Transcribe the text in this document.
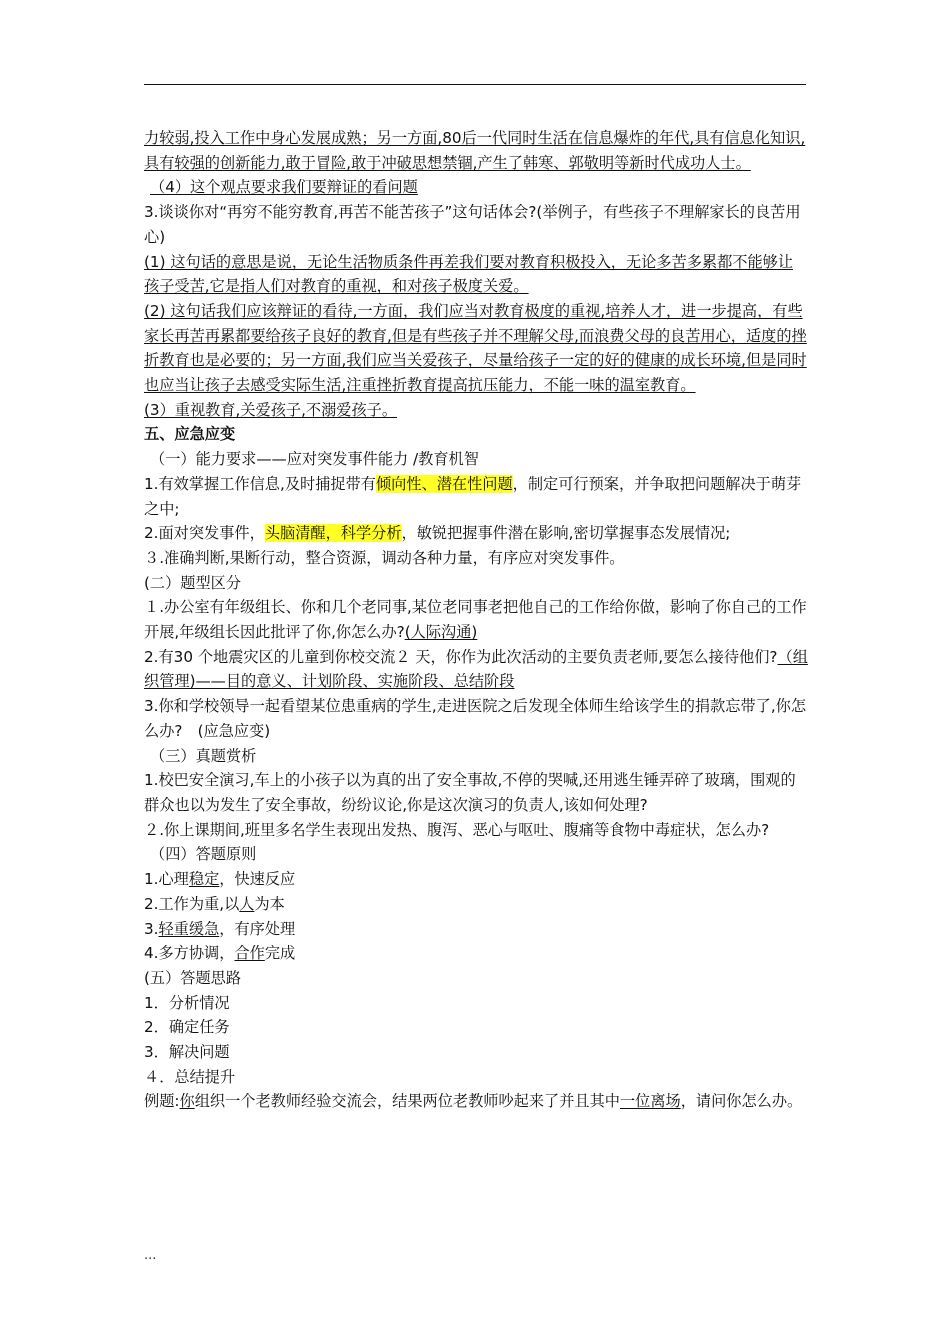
力较弱,投入工作中身心发展成熟；另一方面,80后一代同时生活在信息爆炸的年代,具有信息化知识,具有较强的创新能力,敢于冒险,敢于冲破思想禁锢,产生了韩寒、郭敬明等新时代成功人士。

（4）这个观点要求我们要辩证的看问题

3.谈谈你对“再穷不能穷教育,再苦不能苦孩子”这句话体会?(举例子，有些孩子不理解家长的良苦用心)

(1) 这句话的意思是说，无论生活物质条件再差我们要对教育积极投入，无论多苦多累都不能够让孩子受苦,它是指人们对教育的重视，和对孩子极度关爱。

(2) 这句话我们应该辩证的看待,一方面，我们应当对教育极度的重视,培养人才，进一步提高，有些家长再苦再累都要给孩子良好的教育,但是有些孩子并不理解父母,而浪费父母的良苦用心，适度的挫折教育也是必要的；另一方面,我们应当关爱孩子，尽量给孩子一定的好的健康的成长环境,但是同时也应当让孩子去感受实际生活,注重挫折教育提高抗压能力，不能一味的温室教育。

(3）重视教育,关爱孩子,不溺爱孩子。

五、应急应变

（一）能力要求——应对突发事件能力 /教育机智

1.有效掌握工作信息,及时捕捉带有倾向性、潜在性问题，制定可行预案，并争取把问题解决于萌芽之中;

2.面对突发事件，头脑清醒，科学分析，敏锐把握事件潜在影响,密切掌握事态发展情况;

３.准确判断,果断行动，整合资源，调动各种力量，有序应对突发事件。

(二）题型区分

１.办公室有年级组长、你和几个老同事,某位老同事老把他自己的工作给你做，影响了你自己的工作开展,年级组长因此批评了你,你怎么办?(人际沟通)

2.有30 个地震灾区的儿童到你校交流２ 天，你作为此次活动的主要负责老师,要怎么接待他们?（组织管理)——目的意义、计划阶段、实施阶段、总结阶段

3.你和学校领导一起看望某位患重病的学生,走进医院之后发现全体师生给该学生的捐款忘带了,你怎么办?　(应急应变)

（三）真题赏析

1.校巴安全演习,车上的小孩子以为真的出了安全事故,不停的哭喊,还用逃生锤弄碎了玻璃，围观的群众也以为发生了安全事故，纷纷议论,你是这次演习的负责人,该如何处理?

２.你上课期间,班里多名学生表现出发热、腹泻、恶心与呕吐、腹痛等食物中毒症状，怎么办?

（四）答题原则

1.心理稳定，快速反应

2.工作为重,以人为本

3.轻重缓急，有序处理

4.多方协调，合作完成

(五）答题思路

1．分析情况

2．确定任务

3．解决问题

４．总结提升

例题:你组织一个老教师经验交流会，结果两位老教师吵起来了并且其中一位离场，请问你怎么办。

...
